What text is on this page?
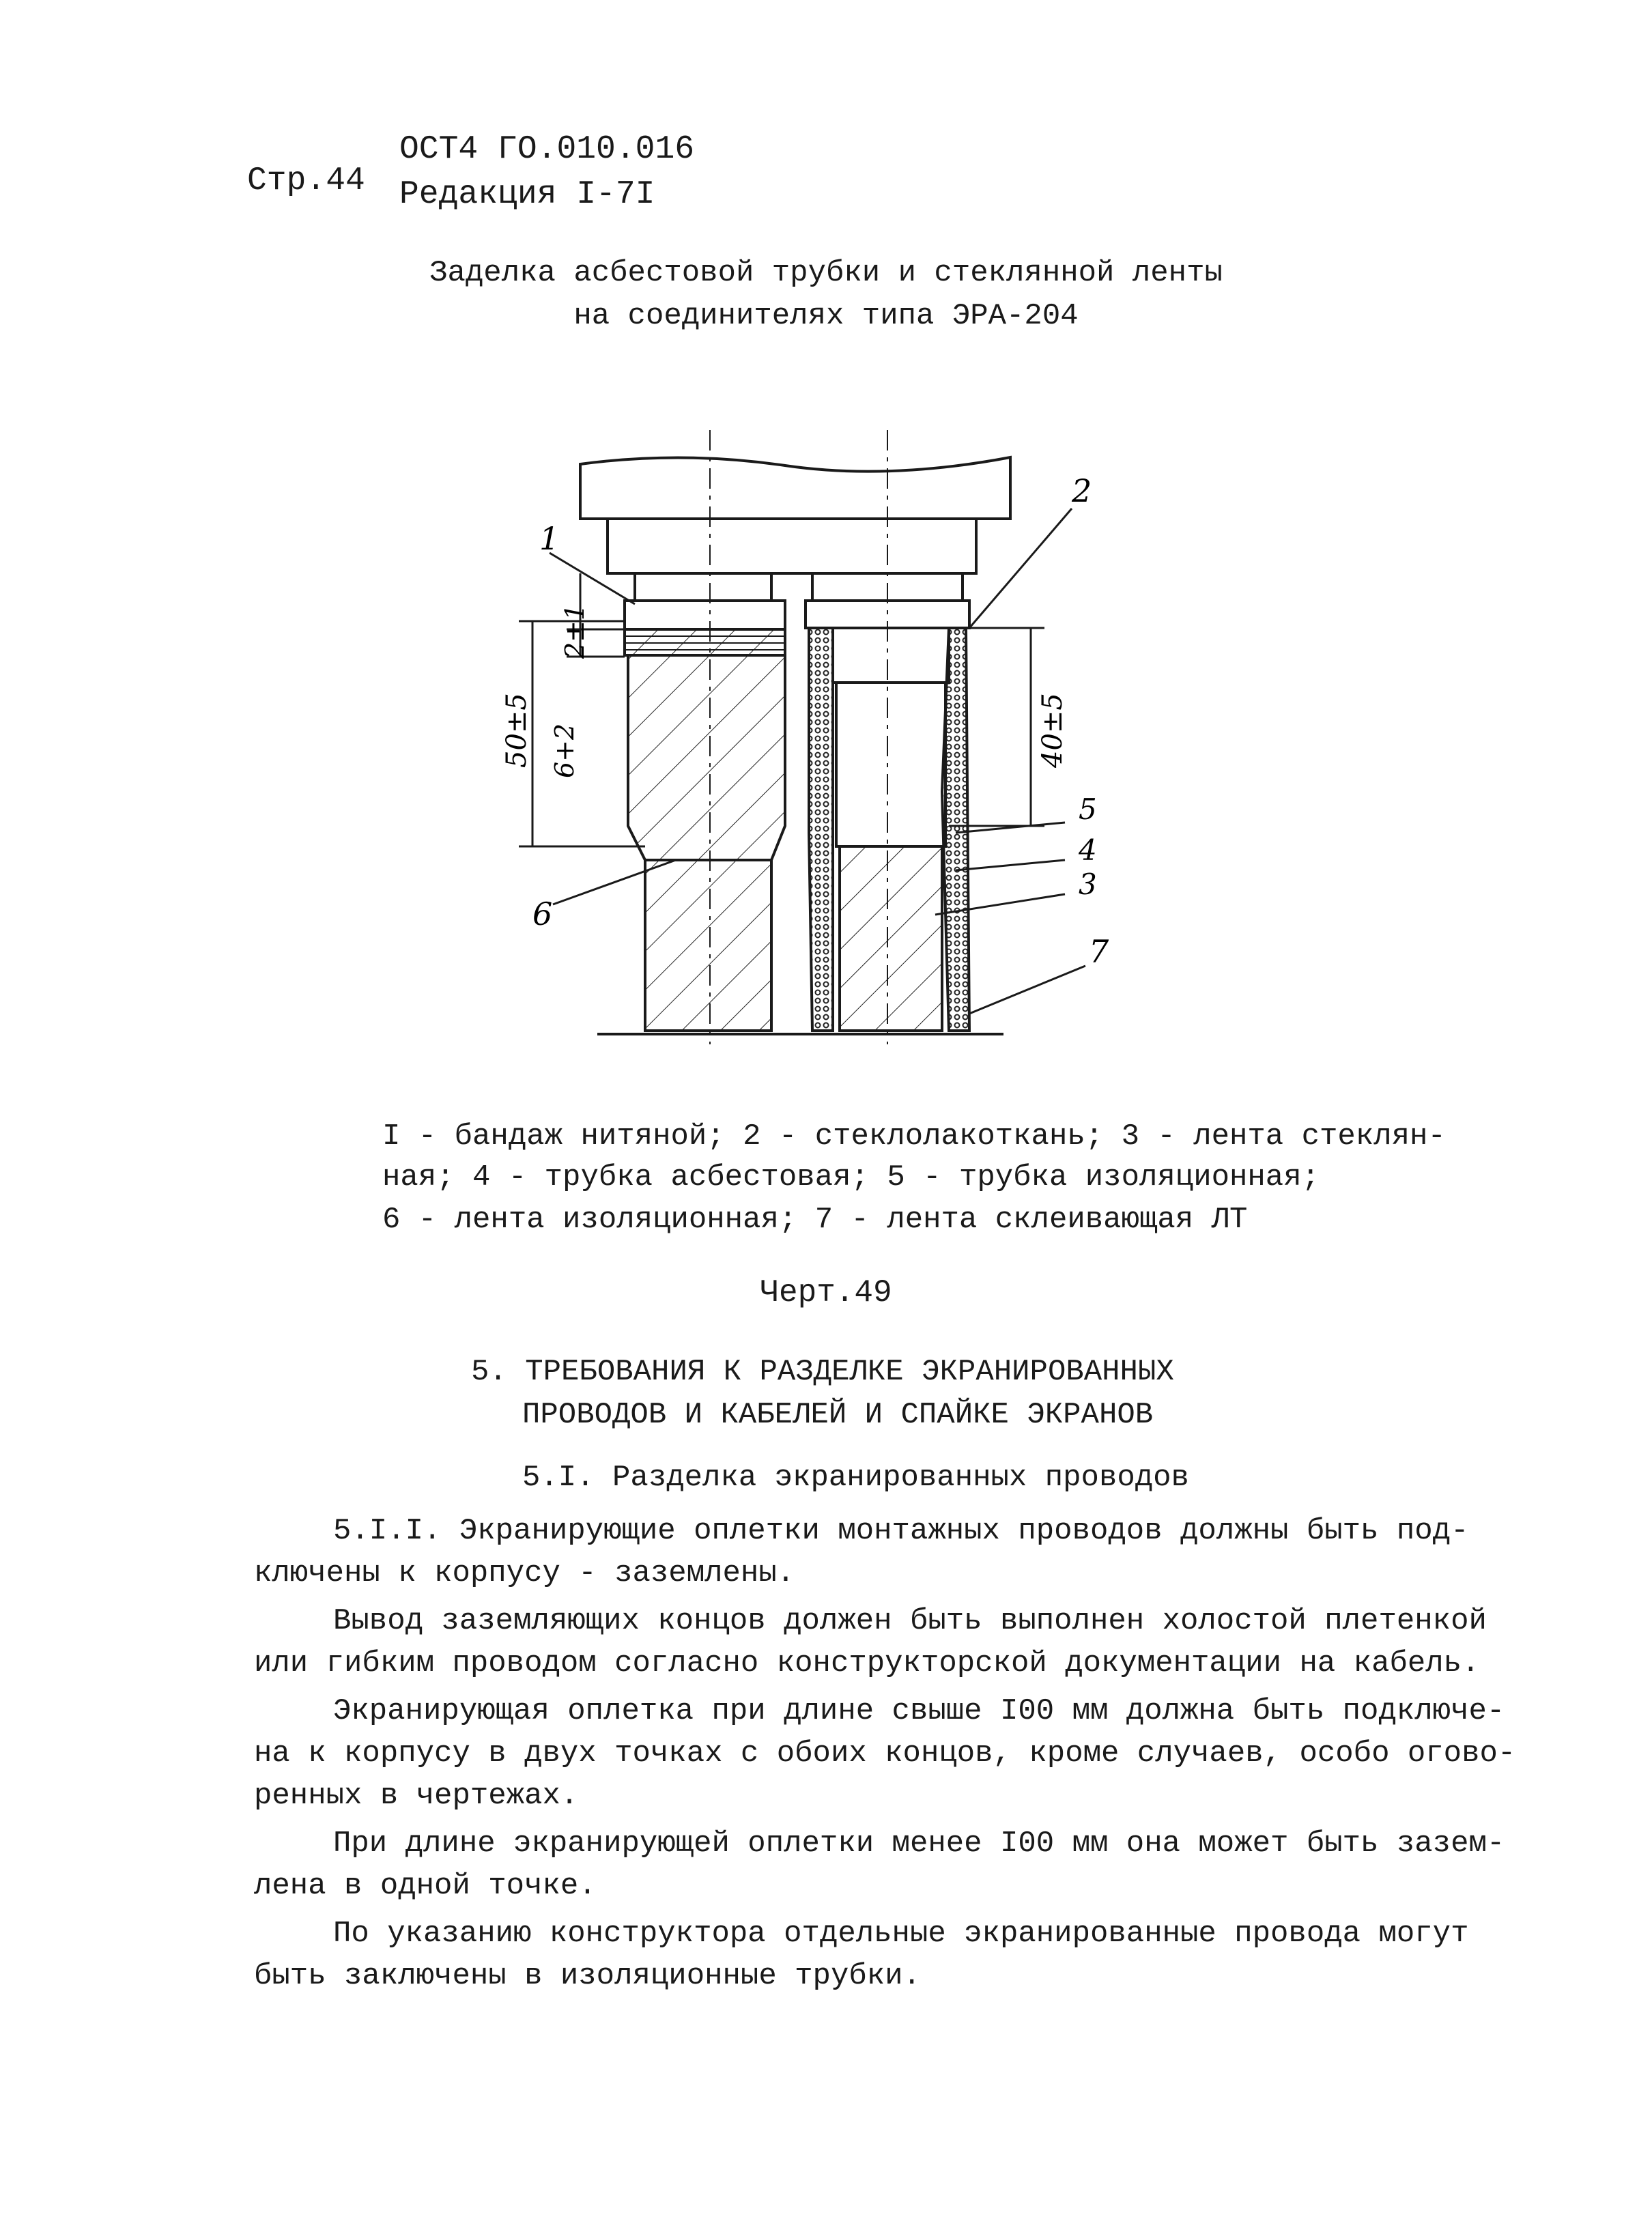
ОСТ4 ГО.010.016
Стр.44 Редакция I-7I
Заделка асбестовой трубки и стеклянной ленты
на соединителях типа ЭРА-204
2±1
6+2
50±5	40±5
1
2
3
4
5
6
7
I - бандаж нитяной; 2 - стеклолакоткань; 3 - лента стеклян-
ная; 4 - трубка асбестовая; 5 - трубка изоляционная;
6 - лента изоляционная; 7 - лента склеивающая ЛТ
Черт.49
5. ТРЕБОВАНИЯ К РАЗДЕЛКЕ ЭКРАНИРОВАННЫХ
ПРОВОДОВ И КАБЕЛЕЙ И СПАЙКЕ ЭКРАНОВ
5.I. Разделка экранированных проводов
5.I.I. Экранирующие оплетки монтажных проводов должны быть под-
ключены к корпусу - заземлены.
Вывод заземляющих концов должен быть выполнен холостой плетенкой
или гибким проводом согласно конструкторской документации на кабель.
Экранирующая оплетка при длине свыше I00 мм должна быть подключе-
на к корпусу в двух точках с обоих концов, кроме случаев, особо огово-
ренных в чертежах.
При длине экранирующей оплетки менее I00 мм она может быть зазем-
лена в одной точке.
По указанию конструктора отдельные экранированные провода могут
быть заключены в изоляционные трубки.
